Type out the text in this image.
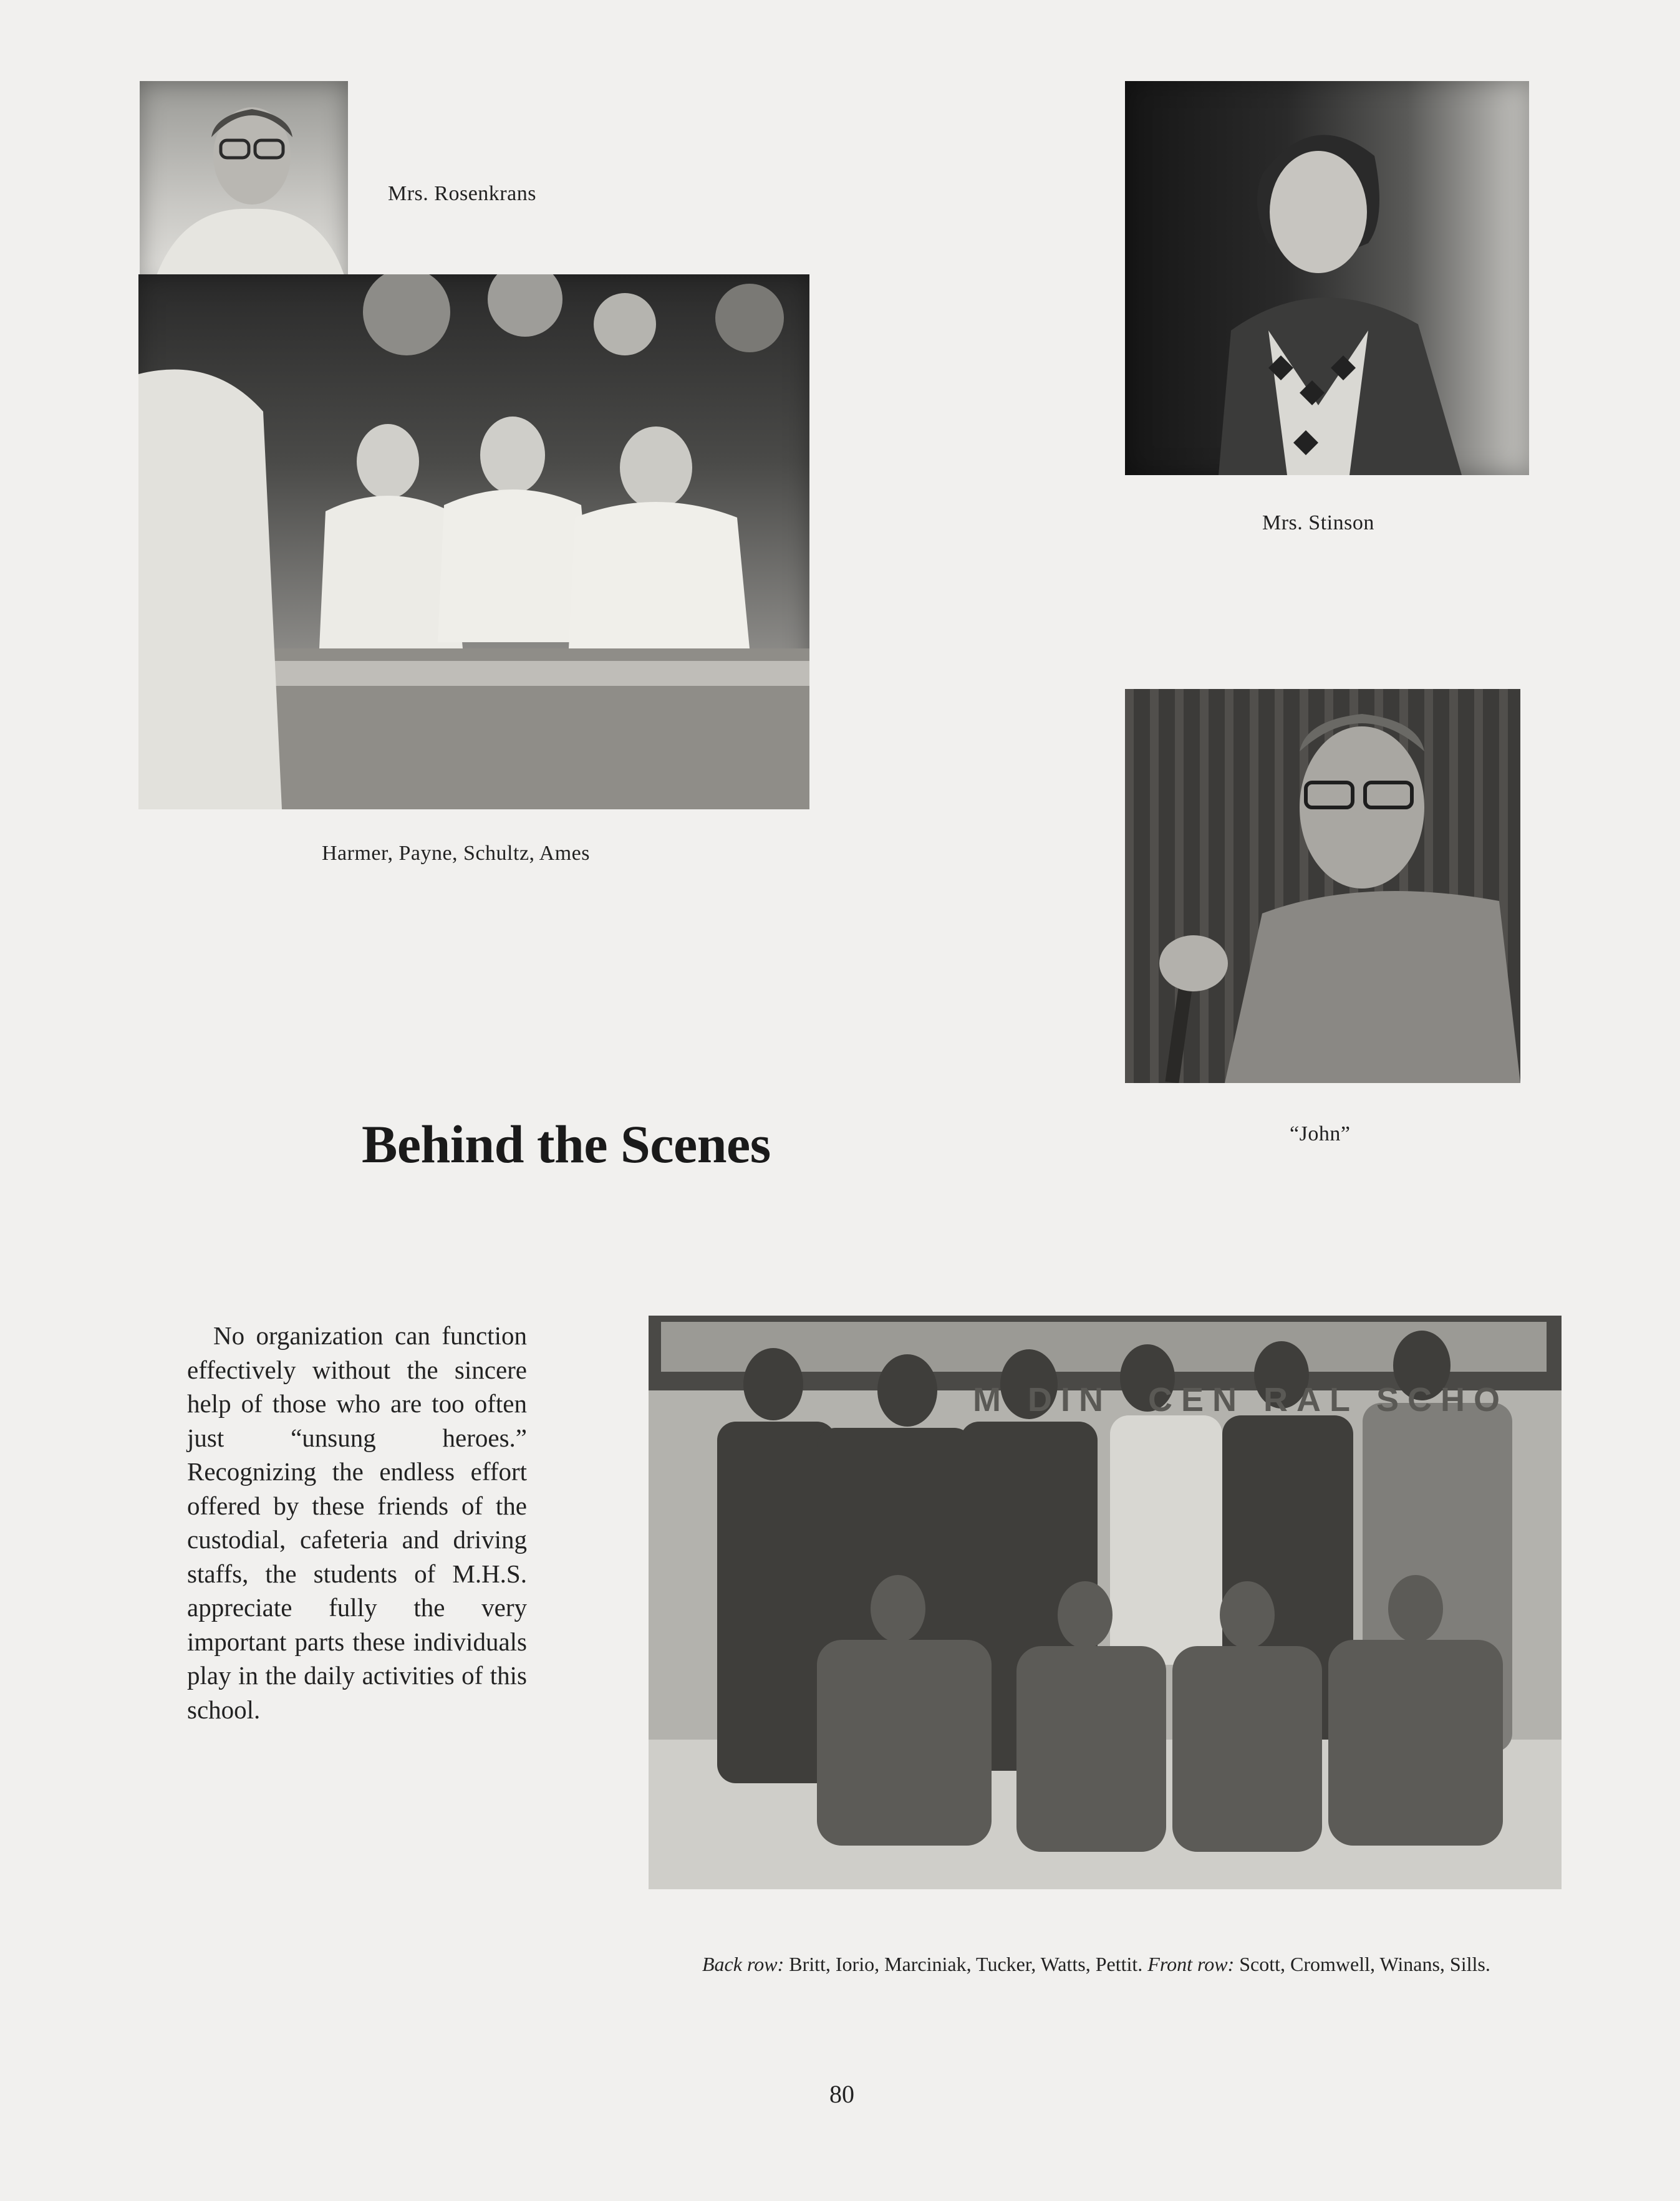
Mrs. Rosenkrans
Harmer, Payne, Schultz, Ames
Mrs. Stinson
“John”
Behind the Scenes

No organization can function effectively without the sincere help of those who are too often just “unsung heroes.” Recognizing the endless effort offered by these friends of the custodial, cafeteria and driving staffs, the students of M.H.S. appreciate fully the very important parts these individuals play in the daily activities of this school.

M DIN  CEN RAL SCHO

Back row: Britt, Iorio, Marciniak, Tucker, Watts, Pettit. Front row: Scott, Cromwell, Winans, Sills.

80
